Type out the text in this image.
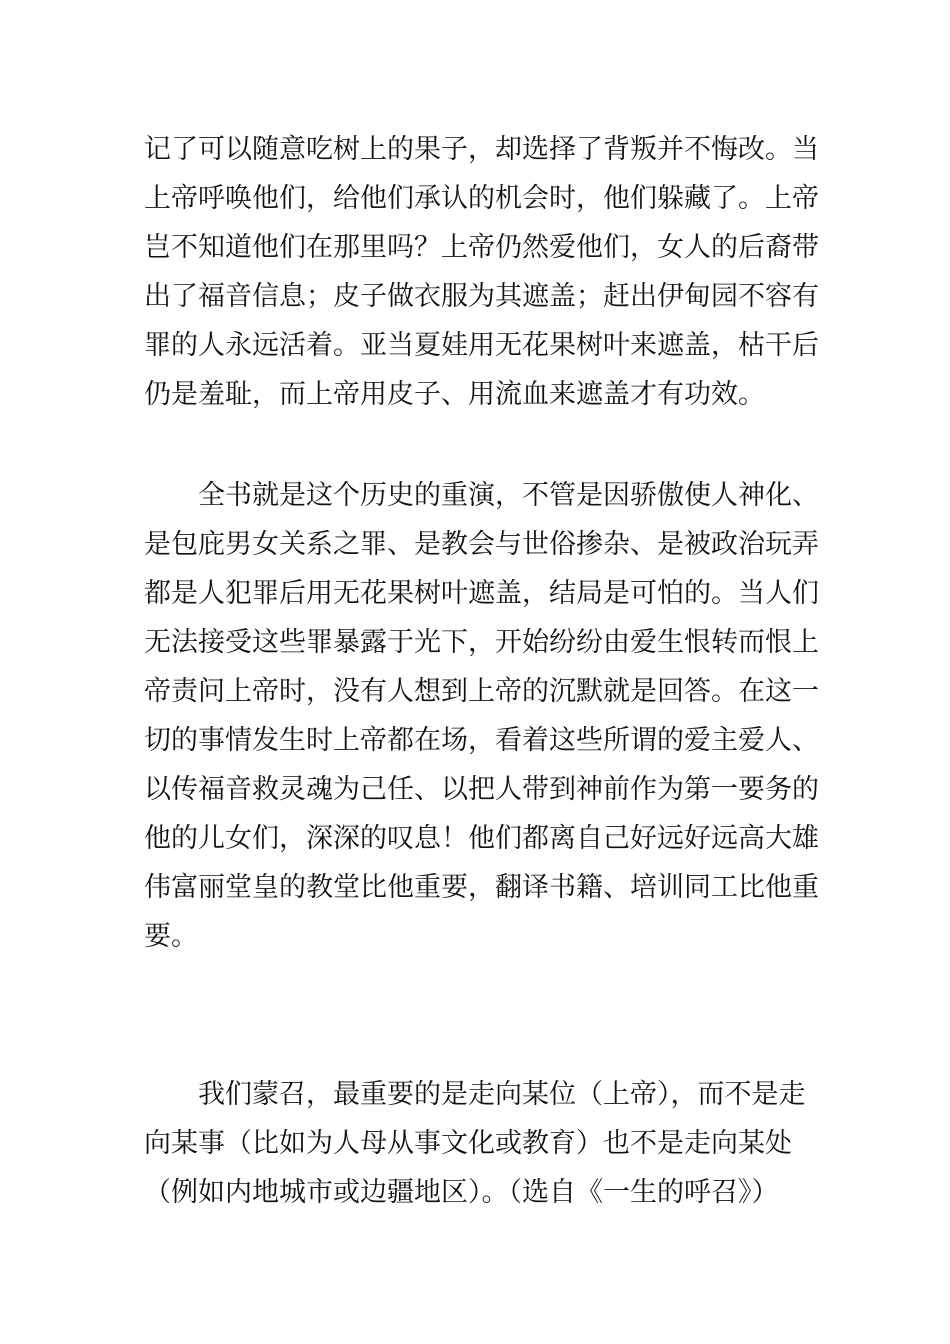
记了可以随意吃树上的果子，却选择了背叛并不悔改。当
上帝呼唤他们，给他们承认的机会时，他们躲藏了。上帝
岂不知道他们在那里吗？上帝仍然爱他们，女人的后裔带
出了福音信息；皮子做衣服为其遮盖；赶出伊甸园不容有
罪的人永远活着。亚当夏娃用无花果树叶来遮盖，枯干后
仍是羞耻，而上帝用皮子、用流血来遮盖才有功效。
全书就是这个历史的重演，不管是因骄傲使人神化、
是包庇男女关系之罪、是教会与世俗掺杂、是被政治玩弄
都是人犯罪后用无花果树叶遮盖，结局是可怕的。当人们
无法接受这些罪暴露于光下，开始纷纷由爱生恨转而恨上
帝责问上帝时，没有人想到上帝的沉默就是回答。在这一
切的事情发生时上帝都在场，看着这些所谓的爱主爱人、
以传福音救灵魂为己任、以把人带到神前作为第一要务的
他的儿女们，深深的叹息！他们都离自己好远好远高大雄
伟富丽堂皇的教堂比他重要，翻译书籍、培训同工比他重
要。
我们蒙召，最重要的是走向某位（上帝），而不是走
向某事（比如为人母从事文化或教育）也不是走向某处
（例如内地城市或边疆地区）。（选自《一生的呼召》）
